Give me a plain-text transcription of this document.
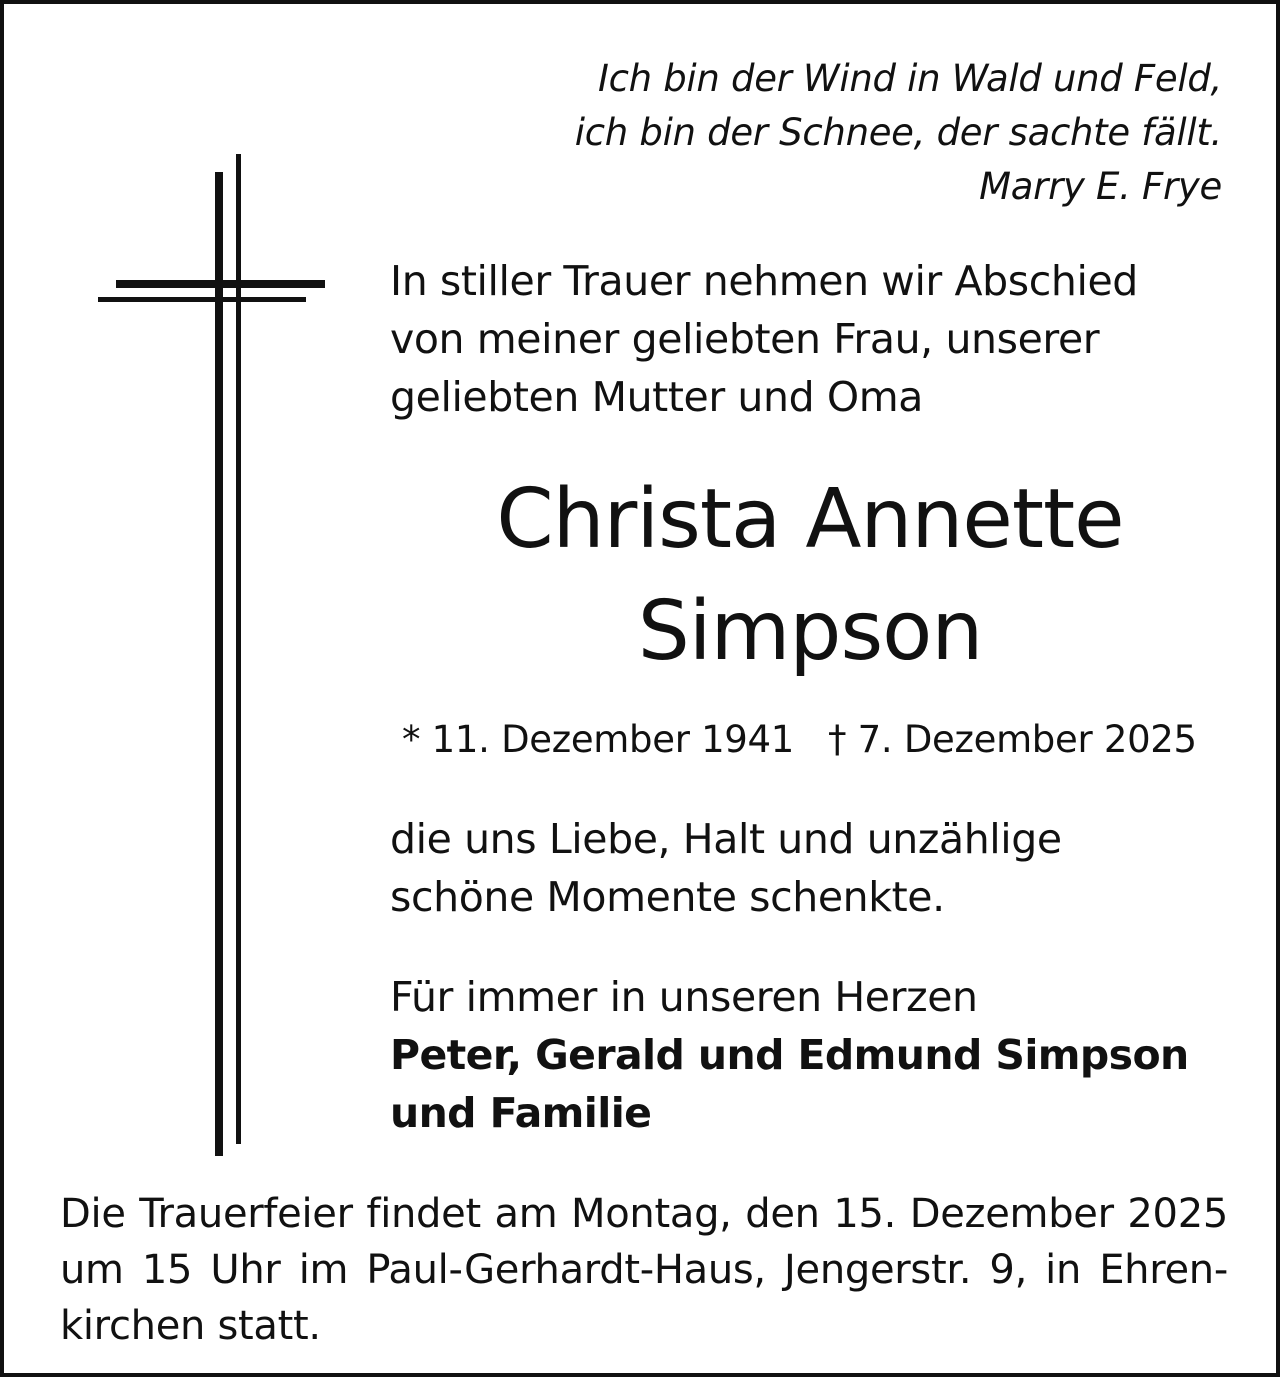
Ich bin der Wind in Wald und Feld,
ich bin der Schnee, der sachte fällt.
Marry E. Frye
In stiller Trauer nehmen wir Abschied
von meiner geliebten Frau, unserer
geliebten Mutter und Oma
Christa Annette
Simpson
* 11. Dezember 1941 † 7. Dezember 2025
die uns Liebe, Halt und unzählige
schöne Momente schenkte.
Für immer in unseren Herzen
Peter, Gerald und Edmund Simpson
und Familie
Die Trauerfeier findet am Montag, den 15. Dezember 2025
um 15 Uhr im Paul-Gerhardt-Haus, Jengerstr. 9, in Ehren-
kirchen statt.
